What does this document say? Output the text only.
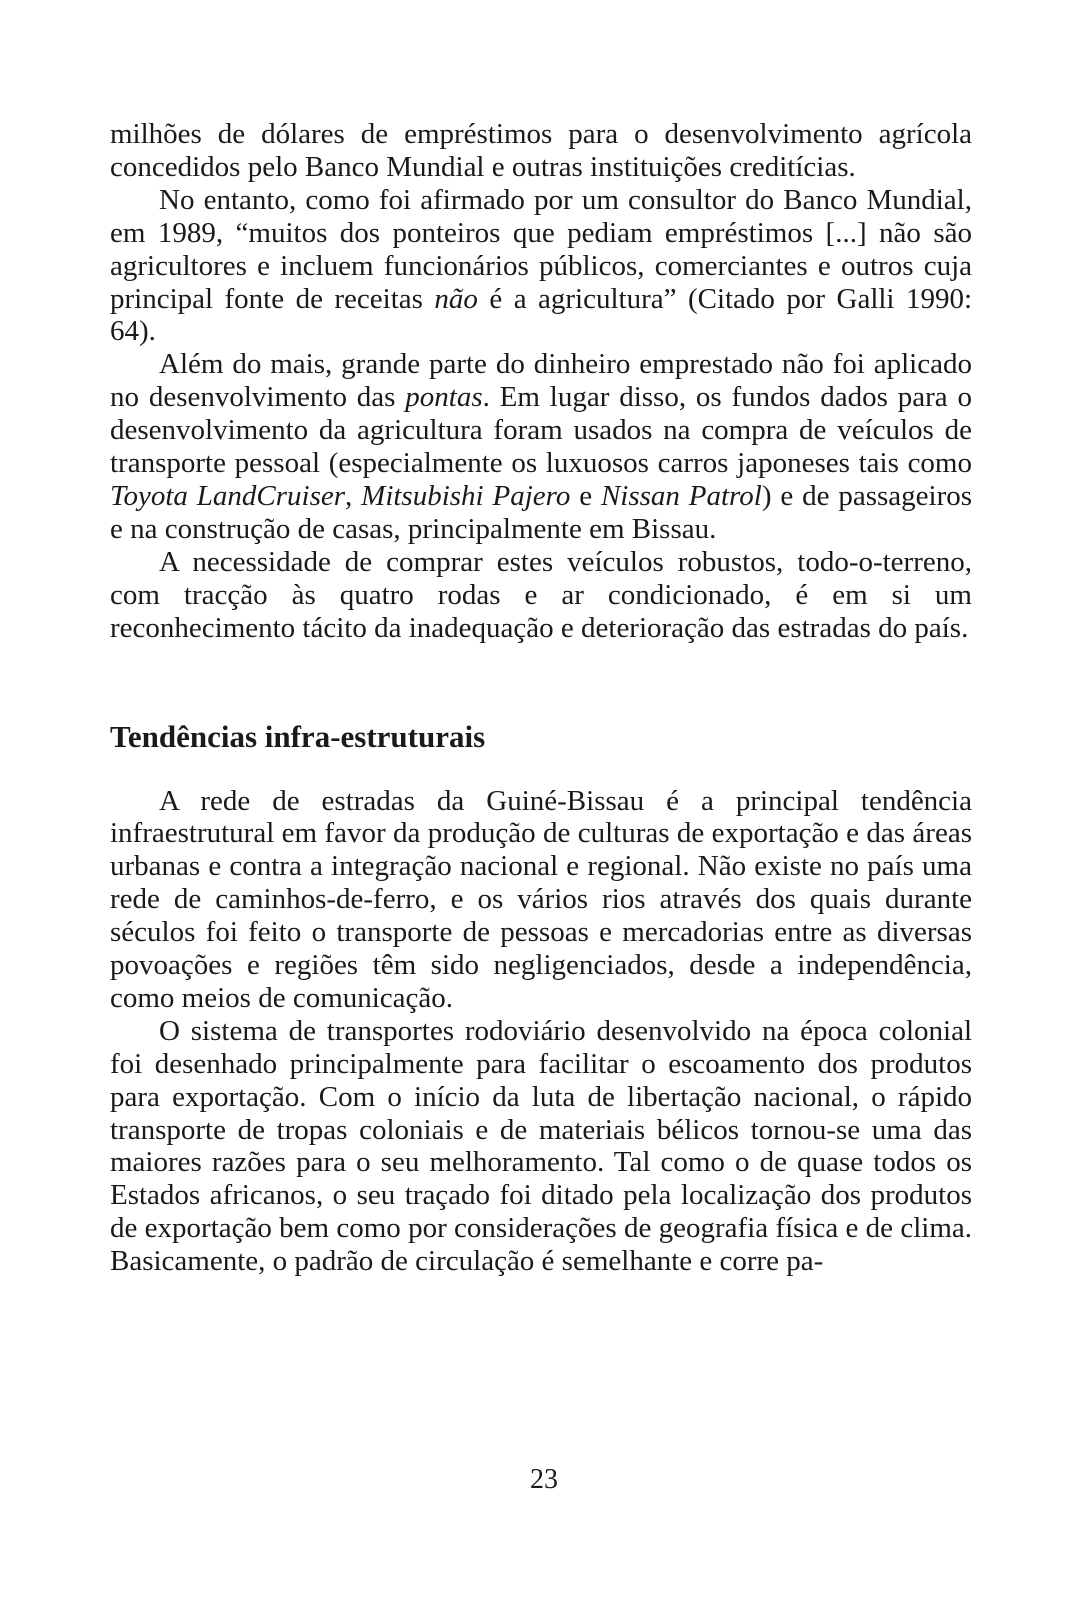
milhões de dólares de empréstimos para o desenvolvimento agrícola concedidos pelo Banco Mundial e outras instituições creditícias.

No entanto, como foi afirmado por um consultor do Banco Mundial, em 1989, “muitos dos ponteiros que pediam empréstimos [...] não são agricultores e incluem funcionários públicos, comerciantes e outros cuja principal fonte de receitas não é a agricultura” (Citado por Galli 1990: 64).

Além do mais, grande parte do dinheiro emprestado não foi aplicado no desenvolvimento das pontas. Em lugar disso, os fundos dados para o desenvolvimento da agricultura foram usados na compra de veículos de transporte pessoal (especialmente os luxuosos carros japoneses tais como Toyota LandCruiser, Mitsubishi Pajero e Nissan Patrol) e de passageiros e na construção de casas, principalmente em Bissau.

A necessidade de comprar estes veículos robustos, todo-o-terreno, com tracção às quatro rodas e ar condicionado, é em si um reconhecimento tácito da inadequação e deterioração das estradas do país.

Tendências infra-estruturais

A rede de estradas da Guiné-Bissau é a principal tendência infraestrutural em favor da produção de culturas de exportação e das áreas urbanas e contra a integração nacional e regional. Não existe no país uma rede de caminhos-de-ferro, e os vários rios através dos quais durante séculos foi feito o transporte de pessoas e mercadorias entre as diversas povoações e regiões têm sido negligenciados, desde a independência, como meios de comunicação.

O sistema de transportes rodoviário desenvolvido na época colonial foi desenhado principalmente para facilitar o escoamento dos produtos para exportação. Com o início da luta de libertação nacional, o rápido transporte de tropas coloniais e de materiais bélicos tornou-se uma das maiores razões para o seu melhoramento. Tal como o de quase todos os Estados africanos, o seu traçado foi ditado pela localização dos produtos de exportação bem como por considerações de geografia física e de clima. Basicamente, o padrão de circulação é semelhante e corre pa-

23
